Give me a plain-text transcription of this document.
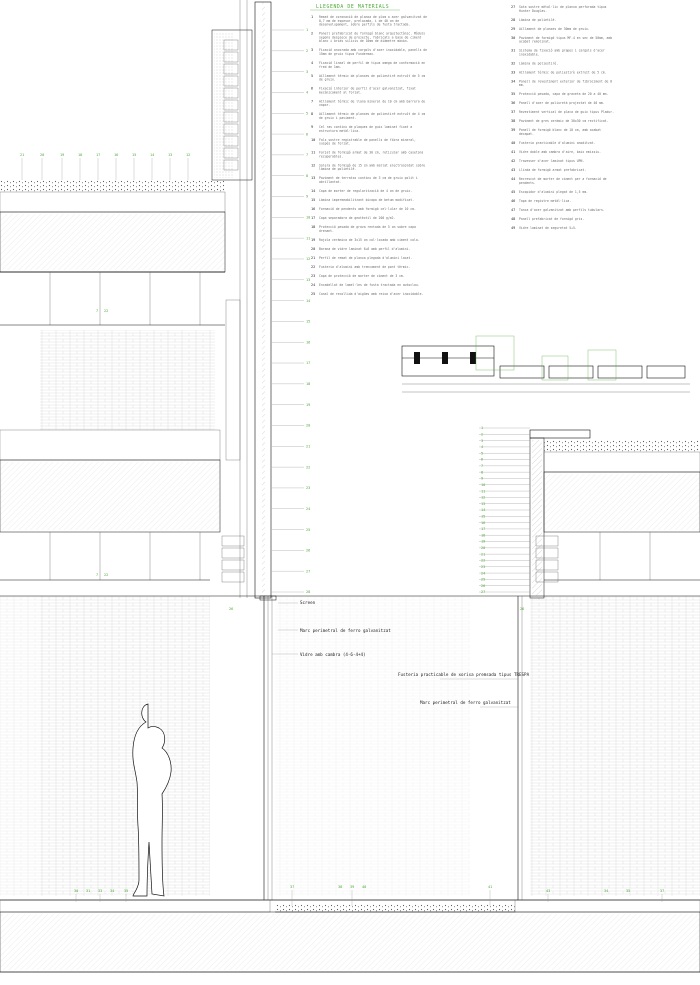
LLEGENDA DE MATERIALS
1 Remat de coronació de planxa de plom o acer galvanitzat de
0,7 mm de espesor, prelacada, i de 40 cm de
desenvolupament, sobre perfils de fusta tractada.
2 Panell prefabricat de formigó blanc arquitectònic. Mòduls
segons despiece de projecte, fabricats a base de ciment
blanc i àrids silicis de 10mm de diàmetre màxim.
3 Fixació ancorada amb cargols d'acer inoxidable, panells de
15mm de gruix tipus Fundermax.
4 Fixació lineal de perfil de tipus omega de conformació en
fred de 1mm.
5 Aïllament tèrmic de planxes de poliestirè extruït de 5 cm
de gruix.
6 Fixació interior de perfil d'acer galvanitzat, fixat
mecànicament al forjat.
7 Aïllament tèrmic de llana mineral de 10 cm amb barrera de
vapor.
8 Aïllament tèrmic de planxes de poliestirè extruït de 4 cm
de gruix i paviment.
9 Cel ras continu de plaques de guix laminat fixat a
estructura metàl·lica.
10 Fals sostre registrable de panells de fibra mineral,
suspès de forjat.
11 Forjat de formigó armat de 30 cm, reticular amb casetons
recuperables.
12 Solera de formigó de 15 cm amb mallat electrosoldat sobre
làmina de polietilè.
13 Paviment de terratzo continu de 3 cm de gruix polit i
abrillantat.
14 Capa de morter de regularització de 4 cm de gruix.
15 Làmina impermeabilitzant bicapa de betum modificat.
16 Formació de pendents amb formigó cel·lular de 10 cm.
17 Capa separadora de geotèxtil de 200 g/m2.
18 Protecció pesada de grava rentada de 5 cm sobre capa
drenant.
19 Rajola ceràmica de 3x15 cm col·locada amb ciment cola.
20 Barana de vidre laminat 6+6 amb perfil d'alumini.
21 Perfil de remat de planxa plegada d'alumini lacat.
22 Fusteria d'alumini amb trencament de pont tèrmic.
23 Capa de protecció de morter de ciment de 3 cm.
24 Encadellat de lamel·les de fusta tractada en autoclau.
25 Canal de recollida d'aigües amb reixa d'acer inoxidable.
27 Sota sostre mètal·lic de planxa perforada tipus
Hunter Douglas.
28 Làmina de polietilè.
29 Aïllament de planxes de 30mm de gruix.
30 Paviment de formigó tipus MF-4 en sec de 50mm, amb
acabat remolinat.
31 Sistema de fixació amb grapes i cargols d'acer
inoxidable.
32 Làmina de poliestirè.
33 Aïllament tèrmic de poliestirè extruït de 5 cm.
34 Panell de revestiment exterior de fibrociment de 8
mm.
35 Protecció pesada, capa de graveta de 20 a 40 mm.
36 Panell d'acer de poliuretà projectat de 40 mm.
37 Revestiment vertical de placa de guix tipus Pladur.
38 Paviment de gres ceràmic de 30x30 cm rectificat.
39 Panell de formigó blanc de 10 cm, amb acabat
decapat.
40 Fusteria practicable d'alumini anoditzat.
41 Vidre doble amb cambra d'aire, baix emissiu.
42 Travesser d'acer laminat tipus UPN.
43 Llinda de formigó armat prefabricat.
44 Recrescut de morter de ciment per a formació de
pendents.
45 Escopidor d'alumini plegat de 1,5 mm.
46 Tapa de registre metàl·lica.
47 Tanca d'acer galvanitzat amb perfils tubulars.
48 Panell prefabricat de formigó gris.
49 Vidre laminat de seguretat 5+5.
Screen
Marc perimetral de ferro galvanitzat
Vidre amb cambra (4-6-4+4)
Fusteria practicable de xorisa premsada tipus TRESPA
Marc perimetral de ferro galvanitzat
1
2
3
4
5
6
7
8
9
10
11
12
13
14
15
16
17
18
19
20
21
22
23
24
25
26
27
28
1
2
3
4
5
6
7
8
9
10
11
12
13
14
15
16
17
18
19
20
21
22
23
24
25
26
27
21	20	19	18	17	16	15	14	13	12
7 22
7 22
26	26
30 31 33 34	35
37	38 39 40	41
43	34	35	37
